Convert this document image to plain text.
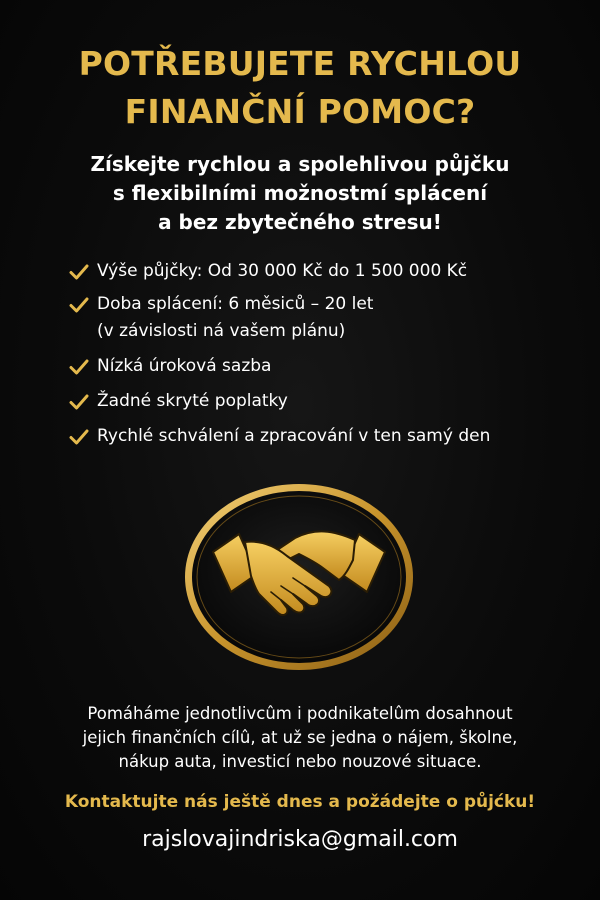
POTŘEBUJETE RYCHLOU
FINANČNÍ POMOC?
Získejte rychlou a spolehlivou půjčku
s flexibilními možnostmí splácení
a bez zbytečného stresu!
Výše půjčky: Od 30 000 Kč do 1 500 000 Kč
Doba splácení: 6 měsiců – 20 let
(v závislosti ná vašem plánu)
Nízká úroková sazba
Žadné skryté poplatky
Rychlé schválení a zpracování v ten samý den
Pomáháme jednotlivcûm i podnikatelûm dosahnout
jejich finančních cílû, at už se jedna o nájem, školne,
nákup auta, investicí nebo nouzové situace.
Kontaktujte nás ještě dnes a požádejte o půjćku!
rajslovajindriska@gmail.com
